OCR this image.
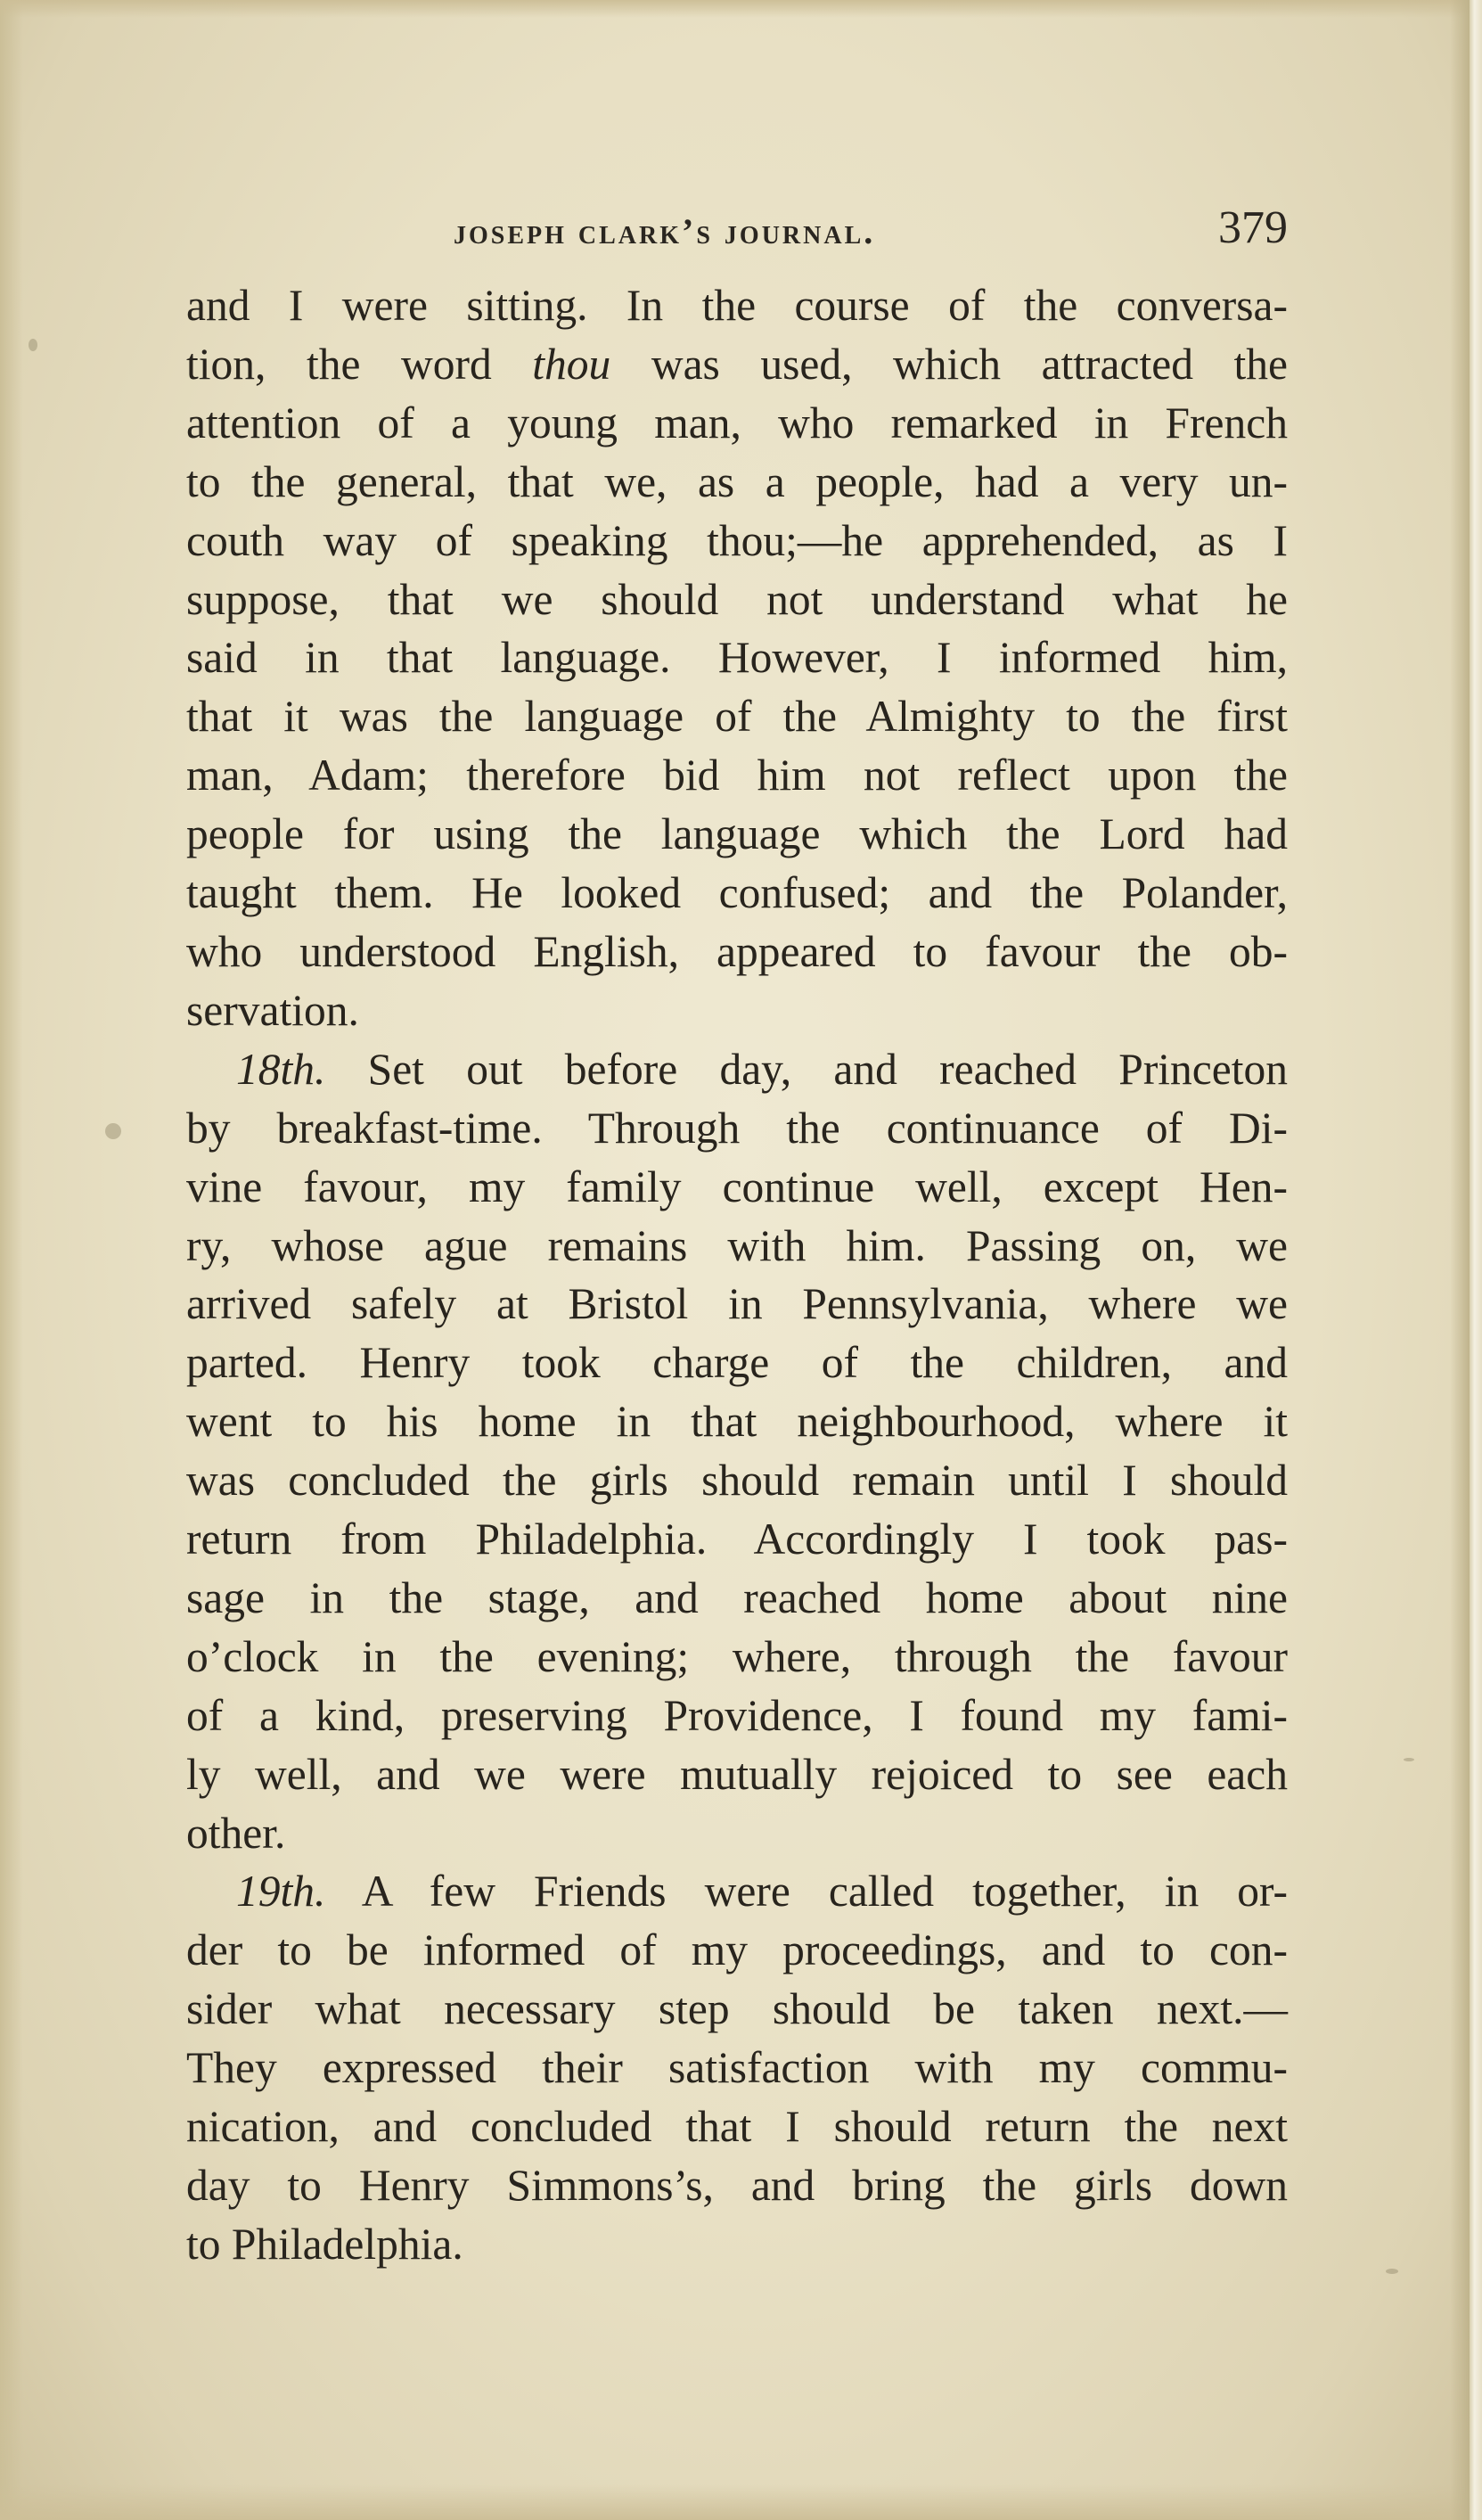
joseph clark’s journal.	379
and I were sitting. In the course of the conversa-
tion, the word thou was used, which attracted the
attention of a young man, who remarked in French
to the general, that we, as a people, had a very un-
couth way of speaking thou;—he apprehended, as I
suppose, that we should not understand what he
said in that language. However, I informed him,
that it was the language of the Almighty to the first
man, Adam; therefore bid him not reflect upon the
people for using the language which the Lord had
taught them. He looked confused; and the Polander,
who understood English, appeared to favour the ob-
servation.
18th. Set out before day, and reached Princeton
by breakfast-time. Through the continuance of Di-
vine favour, my family continue well, except Hen-
ry, whose ague remains with him. Passing on, we
arrived safely at Bristol in Pennsylvania, where we
parted. Henry took charge of the children, and
went to his home in that neighbourhood, where it
was concluded the girls should remain until I should
return from Philadelphia. Accordingly I took pas-
sage in the stage, and reached home about nine
o’clock in the evening; where, through the favour
of a kind, preserving Providence, I found my fami-
ly well, and we were mutually rejoiced to see each
other.
19th. A few Friends were called together, in or-
der to be informed of my proceedings, and to con-
sider what necessary step should be taken next.—
They expressed their satisfaction with my commu-
nication, and concluded that I should return the next
day to Henry Simmons’s, and bring the girls down
to Philadelphia.
